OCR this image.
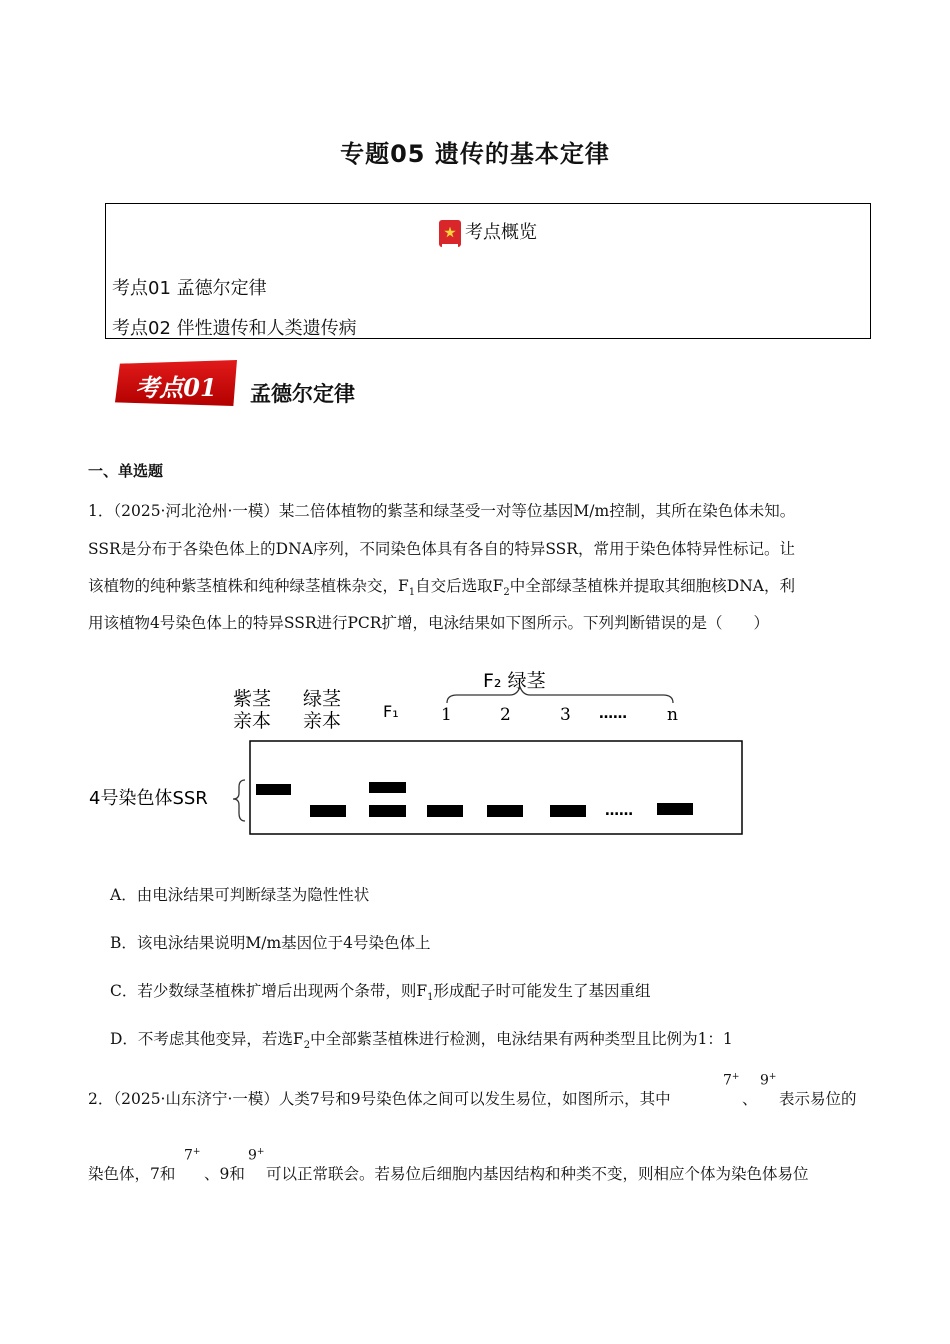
专题05 遗传的基本定律
考点概览
考点01 孟德尔定律
考点02 伴性遗传和人类遗传病
考点01	孟德尔定律
一、单选题
1．（2025·河北沧州·一模）某二倍体植物的紫茎和绿茎受一对等位基因M/m控制，其所在染色体未知。
SSR是分布于各染色体上的DNA序列，不同染色体具有各自的特异SSR，常用于染色体特异性标记。让
该植物的纯种紫茎植株和纯种绿茎植株杂交，$F_1$自交后选取$F_2$中全部绿茎植株并提取其细胞核DNA，利
用该植物4号染色体上的特异SSR进行PCR扩增，电泳结果如下图所示。下列判断错误的是（　　）
紫茎
亲本
绿茎
亲本	F₁
F₂ 绿茎
1	2	3 …… n
4号染色体SSR
……
A．由电泳结果可判断绿茎为隐性性状
B．该电泳结果说明M/m基因位于4号染色体上
C．若少数绿茎植株扩增后出现两个条带，则$F_1$形成配子时可能发生了基因重组
D．不考虑其他变异，若选$F_2$中全部紫茎植株进行检测，电泳结果有两种类型且比例为1：1
2．（2025·山东济宁·一模）人类7号和9号染色体之间可以发生易位，如图所示，其中
7+
、
9+
表示易位的
染色体，7和
7+
、9和
9+
可以正常联会。若易位后细胞内基因结构和种类不变，则相应个体为染色体易位
